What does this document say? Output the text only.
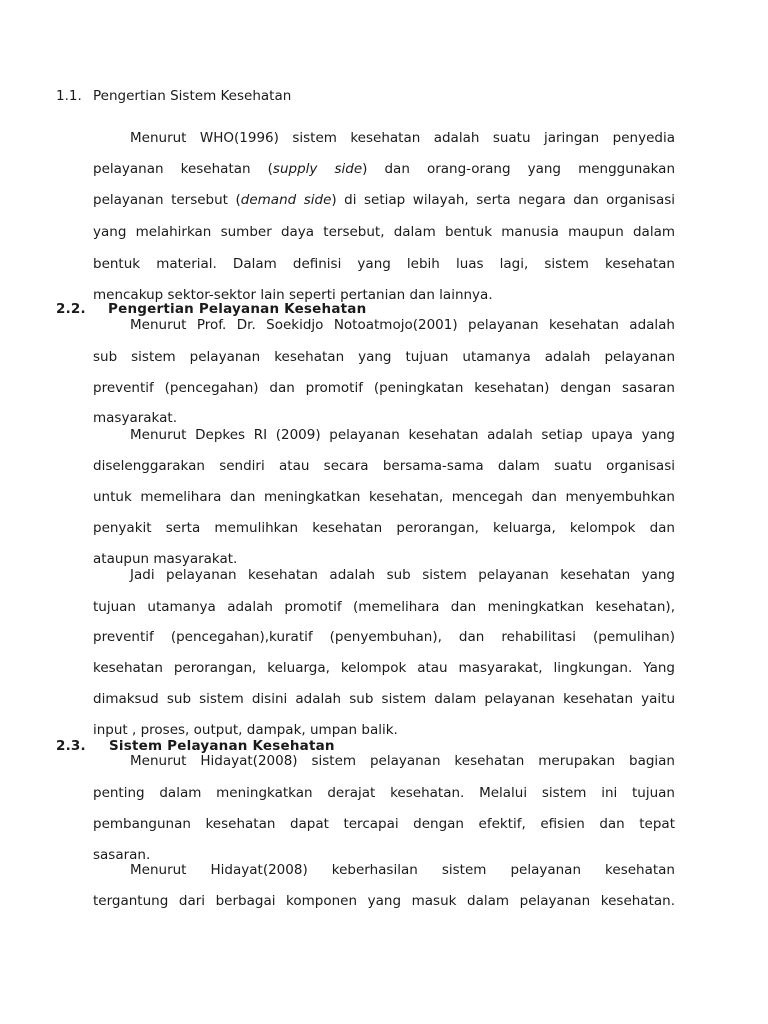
1.1. Pengertian Sistem Kesehatan
Menurut WHO(1996) sistem kesehatan adalah suatu jaringan penyedia
pelayanan kesehatan (supply side) dan orang-orang yang menggunakan
pelayanan tersebut (demand side) di setiap wilayah, serta negara dan organisasi
yang melahirkan sumber daya tersebut, dalam bentuk manusia maupun dalam
bentuk material. Dalam definisi yang lebih luas lagi, sistem kesehatan
mencakup sektor-sektor lain seperti pertanian dan lainnya.
2.2. Pengertian Pelayanan Kesehatan
Menurut Prof. Dr. Soekidjo Notoatmojo(2001) pelayanan kesehatan adalah
sub sistem pelayanan kesehatan yang tujuan utamanya adalah pelayanan
preventif (pencegahan) dan promotif (peningkatan kesehatan) dengan sasaran
masyarakat.
Menurut Depkes RI (2009) pelayanan kesehatan adalah setiap upaya yang
diselenggarakan sendiri atau secara bersama-sama dalam suatu organisasi
untuk memelihara dan meningkatkan kesehatan, mencegah dan menyembuhkan
penyakit serta memulihkan kesehatan perorangan, keluarga, kelompok dan
ataupun masyarakat.
Jadi pelayanan kesehatan adalah sub sistem pelayanan kesehatan yang
tujuan utamanya adalah promotif (memelihara dan meningkatkan kesehatan),
preventif (pencegahan),kuratif (penyembuhan), dan rehabilitasi (pemulihan)
kesehatan perorangan, keluarga, kelompok atau masyarakat, lingkungan. Yang
dimaksud sub sistem disini adalah sub sistem dalam pelayanan kesehatan yaitu
input , proses, output, dampak, umpan balik.
2.3. Sistem Pelayanan Kesehatan
Menurut Hidayat(2008) sistem pelayanan kesehatan merupakan bagian
penting dalam meningkatkan derajat kesehatan. Melalui sistem ini tujuan
pembangunan kesehatan dapat tercapai dengan efektif, efisien dan tepat
sasaran.
Menurut Hidayat(2008) keberhasilan sistem pelayanan kesehatan
tergantung dari berbagai komponen yang masuk dalam pelayanan kesehatan.
